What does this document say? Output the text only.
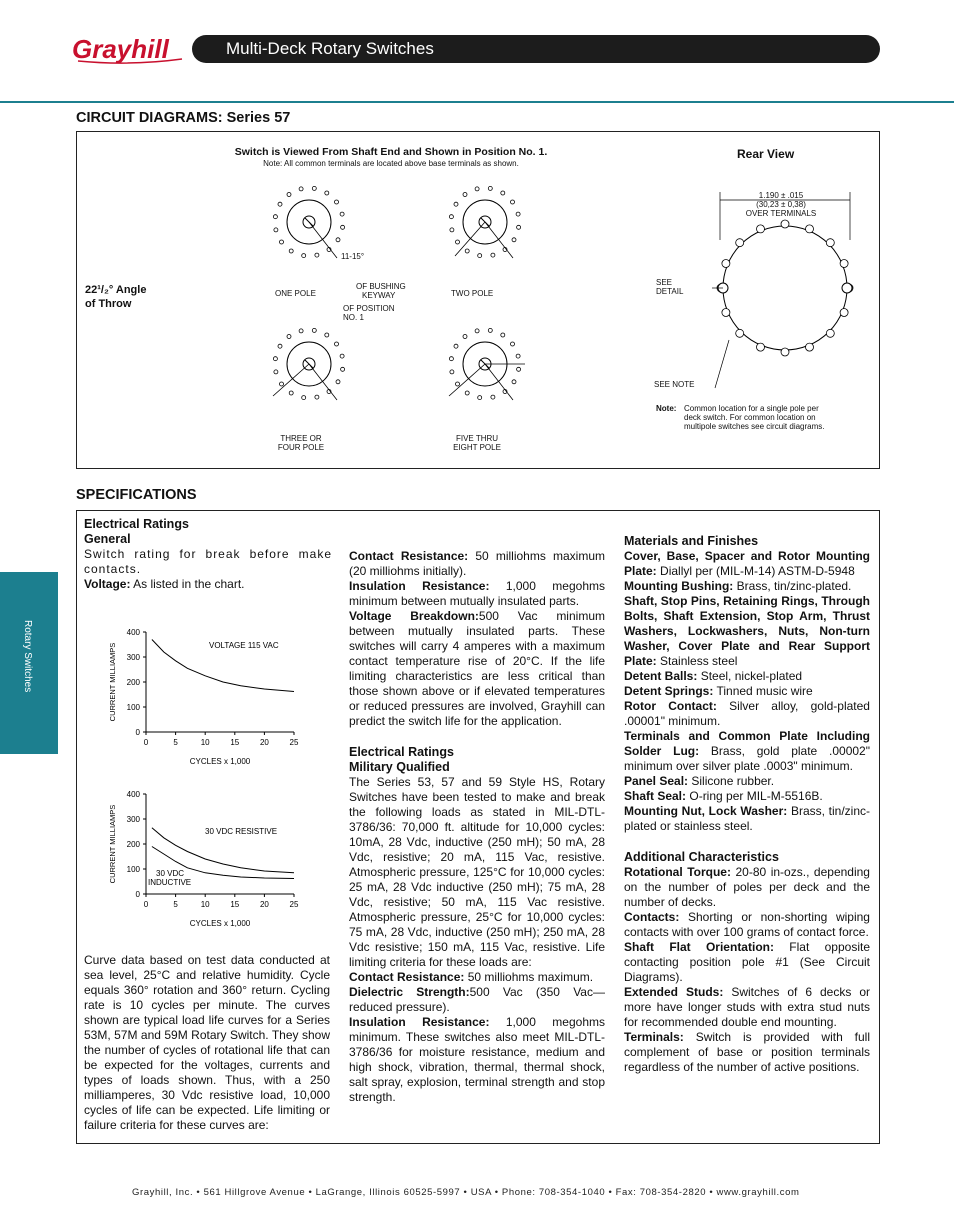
Grayhill	Multi-Deck Rotary Switches
CIRCUIT DIAGRAMS: Series 57
Switch is Viewed From Shaft End and Shown in Position No. 1.
Note: All common terminals are located above base terminals as shown.
22¹/₂° Angle
of Throw
Rear View
ONE POLE	TWO POLE
THREE OR
FOUR POLE
FIVE THRU
EIGHT POLE
OF BUSHING
KEYWAY
OF POSITION
NO. 1
11-15°
1.190 ± .015
(30,23 ± 0,38)
OVER TERMINALS
SEE
DETAIL
SEE NOTE
Note: Common location for a single pole per
deck switch. For common location on
multipole switches see circuit diagrams.
SPECIFICATIONS
Electrical Ratings
General

Switch rating for break before make contacts.

Voltage: As listed in the chart.

0
100
200
300
400
0	5	10	15	20	25
CURRENT MILLIAMPS
CYCLES x 1,000
VOLTAGE 115 VAC
0
100
200
300
400
0	5	10	15	20	25
CURRENT MILLIAMPS
CYCLES x 1,000
30 VDC RESISTIVE
30 VDC
INDUCTIVE

Curve data based on test data conducted at sea level, 25°C and relative humidity. Cycle equals 360° rotation and 360° return. Cycling rate is 10 cycles per minute. The curves shown are typical load life curves for a Series 53M, 57M and 59M Rotary Switch. They show the number of cycles of rotational life that can be expected for the voltages, currents and types of loads shown. Thus, with a 250 milliamperes, 30 Vdc resistive load, 10,000 cycles of life can be expected. Life limiting or failure criteria for these curves are:

Contact Resistance: 50 milliohms maximum (20 milliohms initially).

Insulation Resistance: 1,000 megohms minimum between mutually insulated parts.

Voltage Breakdown:500 Vac minimum between mutually insulated parts. These switches will carry 4 amperes with a maximum contact temperature rise of 20°C. If the life limiting characteristics are less critical than those shown above or if elevated temperatures or reduced pressures are involved, Grayhill can predict the switch life for the application.

Electrical Ratings
Military Qualified

The Series 53, 57 and 59 Style HS, Rotary Switches have been tested to make and break the following loads as stated in MIL-DTL-3786/36: 70,000 ft. altitude for 10,000 cycles: 10mA, 28 Vdc, inductive (250 mH); 50 mA, 28 Vdc, resistive; 20 mA, 115 Vac, resistive. Atmospheric pressure, 125°C for 10,000 cycles: 25 mA, 28 Vdc inductive (250 mH); 75 mA, 28 Vdc, resistive; 50 mA, 115 Vac resistive. Atmospheric pressure, 25°C for 10,000 cycles: 75 mA, 28 Vdc, inductive (250 mH); 250 mA, 28 Vdc resistive; 150 mA, 115 Vac, resistive. Life limiting criteria for these loads are:

Contact Resistance: 50 milliohms maximum.

Dielectric Strength:500 Vac (350 Vac—reduced pressure).

Insulation Resistance: 1,000 megohms minimum. These switches also meet MIL-DTL-3786/36 for moisture resistance, medium and high shock, vibration, thermal, thermal shock, salt spray, explosion, terminal strength and stop strength.

Materials and Finishes

Cover, Base, Spacer and Rotor Mounting Plate: Diallyl per (MIL-M-14) ASTM-D-5948

Mounting Bushing: Brass, tin/zinc-plated.

Shaft, Stop Pins, Retaining Rings, Through Bolts, Shaft Extension, Stop Arm, Thrust Washers, Lockwashers, Nuts, Non-turn Washer, Cover Plate and Rear Support Plate: Stainless steel

Detent Balls: Steel, nickel-plated

Detent Springs: Tinned music wire

Rotor Contact: Silver alloy, gold-plated .00001" minimum.

Terminals and Common Plate Including Solder Lug: Brass, gold plate .00002" minimum over silver plate .0003" minimum.

Panel Seal: Silicone rubber.

Shaft Seal: O-ring per MIL-M-5516B.

Mounting Nut, Lock Washer: Brass, tin/zinc-plated or stainless steel.

Additional Characteristics

Rotational Torque: 20-80 in-ozs., depending on the number of poles per deck and the number of decks.

Contacts: Shorting or non-shorting wiping contacts with over 100 grams of contact force.

Shaft Flat Orientation: Flat opposite contacting position pole #1 (See Circuit Diagrams).

Extended Studs: Switches of 6 decks or more have longer studs with extra stud nuts for recommended double end mounting.

Terminals: Switch is provided with full complement of base or position terminals regardless of the number of active positions.

Rotary Switches
Grayhill, Inc. • 561 Hillgrove Avenue • LaGrange, Illinois 60525-5997 • USA • Phone: 708-354-1040 • Fax: 708-354-2820 • www.grayhill.com
